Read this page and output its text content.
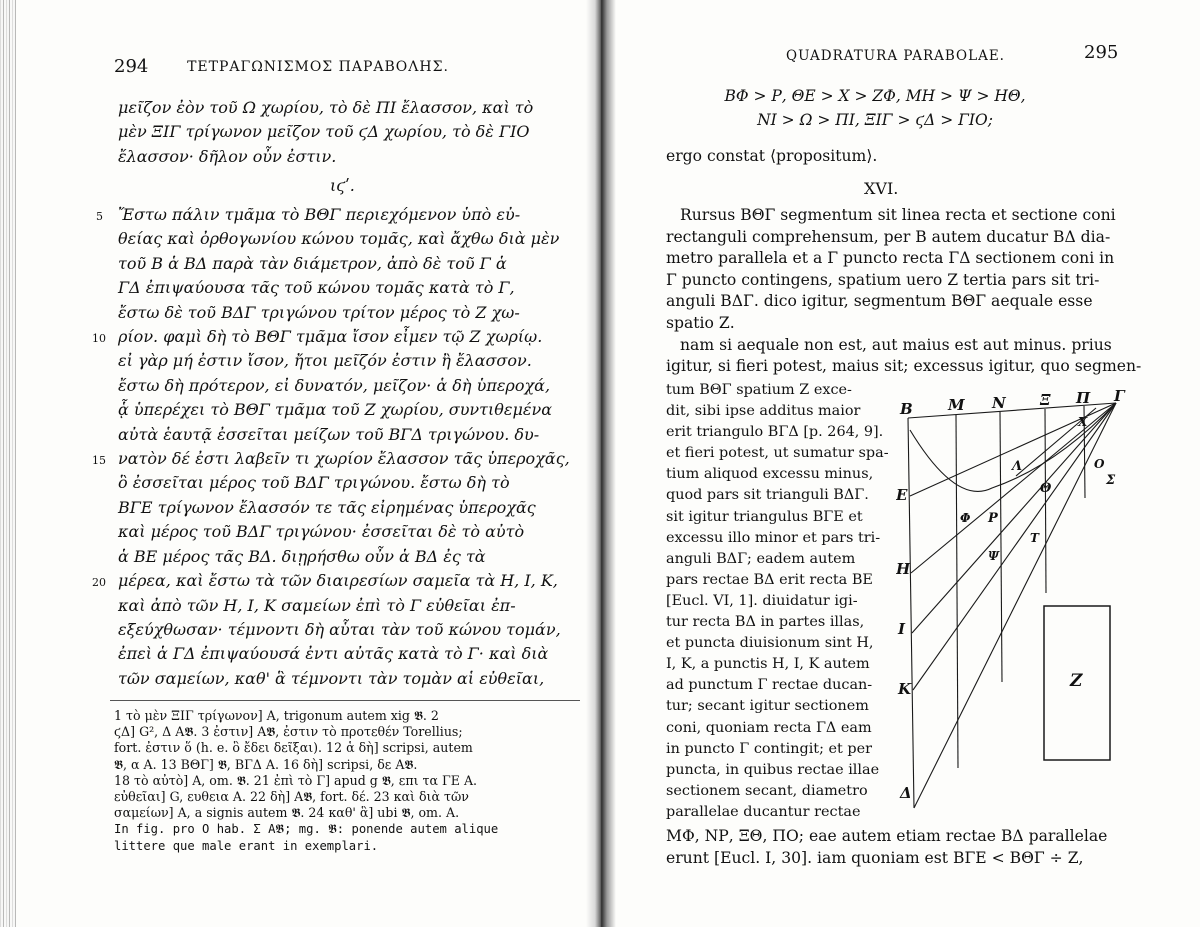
294	ΤΕΤΡΑΓΩΝΙΣΜΟΣ ΠΑΡΑΒΟΛΗΣ.
μεῖζον ἐὸν τοῦ Ω χωρίου, τὸ δὲ ΠΙ ἔλασσον, καὶ τὸ
μὲν ΞΙΓ τρίγωνον μεῖζον τοῦ ϛΔ χωρίου, τὸ δὲ ΓΙΟ
ἔλασσον· δῆλον οὖν ἐστιν.
ιϛʹ.
5
10
15
20
Ἔστω πάλιν τμᾶμα τὸ ΒΘΓ περιεχόμενον ὑπὸ εὐ-
θείας καὶ ὀρθογωνίου κώνου τομᾶς, καὶ ἄχθω διὰ μὲν
τοῦ Β ἁ ΒΔ παρὰ τὰν διάμετρον, ἀπὸ δὲ τοῦ Γ ἁ
ΓΔ ἐπιψαύουσα τᾶς τοῦ κώνου τομᾶς κατὰ τὸ Γ,
ἔστω δὲ τοῦ ΒΔΓ τριγώνου τρίτον μέρος τὸ Ζ χω-
ρίον. φαμὶ δὴ τὸ ΒΘΓ τμᾶμα ἴσον εἶμεν τῷ Ζ χωρίῳ.
εἰ γὰρ μή ἐστιν ἴσον, ἤτοι μεῖζόν ἐστιν ἢ ἔλασσον.
ἔστω δὴ πρότερον, εἰ δυνατόν, μεῖζον· ἁ δὴ ὑπεροχά,
ᾇ ὑπερέχει τὸ ΒΘΓ τμᾶμα τοῦ Ζ χωρίου, συντιθεμένα
αὐτὰ ἑαυτᾷ ἐσσεῖται μείζων τοῦ ΒΓΔ τριγώνου. δυ-
νατὸν δέ ἐστι λαβεῖν τι χωρίον ἔλασσον τᾶς ὑπεροχᾶς,
ὃ ἐσσεῖται μέρος τοῦ ΒΔΓ τριγώνου. ἔστω δὴ τὸ
ΒΓΕ τρίγωνον ἔλασσόν τε τᾶς εἰρημένας ὑπεροχᾶς
καὶ μέρος τοῦ ΒΔΓ τριγώνου· ἐσσεῖται δὲ τὸ αὐτὸ
ἁ ΒΕ μέρος τᾶς ΒΔ. διῃρήσθω οὖν ἁ ΒΔ ἐς τὰ
μέρεα, καὶ ἔστω τὰ τῶν διαιρεσίων σαμεῖα τὰ Η, Ι, Κ,
καὶ ἀπὸ τῶν Η, Ι, Κ σαμείων ἐπὶ τὸ Γ εὐθεῖαι ἐπ-
εξεύχθωσαν· τέμνοντι δὴ αὗται τὰν τοῦ κώνου τομάν,
ἐπεὶ ἁ ΓΔ ἐπιψαύουσά ἐντι αὐτᾶς κατὰ τὸ Γ· καὶ διὰ
τῶν σαμείων, καθ' ἃ τέμνοντι τὰν τομὰν αἱ εὐθεῖαι,
1 τὸ μὲν ΞΙΓ τρίγωνον] A, trigonum autem xig 𝕭. 2
ϛΔ] G², Δ A𝕭. 3 ἐστιν] A𝕭, ἐστιν τὸ προτεθέν Torellius;
fort. ἐστιν ὅ (h. e. ὃ ἔδει δεῖξαι). 12 ἁ δὴ] scripsi, autem
𝕭, α A. 13 ΒΘΓ] 𝕭, ΒΓΔ A. 16 δὴ] scripsi, δε A𝕭.
18 τὸ αὐτὸ] A, om. 𝕭. 21 ἐπὶ τὸ Γ] apud g 𝕭, επι τα ΓΕ A.
εὐθεῖαι] G, ευθεια A. 22 δὴ] A𝕭, fort. δέ. 23 καὶ διὰ τῶν
σαμείων] A, a signis autem 𝕭. 24 καθ' ἃ] ubi 𝕭, om. A.
In fig. pro O hab. Σ A𝕭; mg. 𝕭: ponende autem alique
littere que male erant in exemplari.
QUADRATURA PARABOLAE.	295
ΒΦ > Ρ, ΘΕ > Χ > ΖΦ, ΜΗ > Ψ > ΗΘ,
ΝΙ > Ω > ΠΙ, ΞΙΓ > ϛΔ > ΓΙΟ;
ergo constat ⟨propositum⟩.
XVI.
Rursus ΒΘΓ segmentum sit linea recta et sectione coni
rectanguli comprehensum, per Β autem ducatur ΒΔ dia-
metro parallela et a Γ puncto recta ΓΔ sectionem coni in
Γ puncto contingens, spatium uero Ζ tertia pars sit tri-
anguli ΒΔΓ. dico igitur, segmentum ΒΘΓ aequale esse
spatio Ζ.
nam si aequale non est, aut maius est aut minus. prius
igitur, si fieri potest, maius sit; excessus igitur, quo segmen-
tum ΒΘΓ spatium Ζ exce-
dit, sibi ipse additus maior
erit triangulo ΒΓΔ [p. 264, 9].
et fieri potest, ut sumatur spa-
tium aliquod excessu minus,
quod pars sit trianguli ΒΔΓ.
sit igitur triangulus ΒΓΕ et
excessu illo minor et pars tri-
anguli ΒΔΓ; eadem autem
pars rectae ΒΔ erit recta ΒΕ
[Eucl. VI, 1]. diuidatur igi-
tur recta ΒΔ in partes illas,
et puncta diuisionum sint Η,
Ι, Κ, a punctis Η, Ι, Κ autem
ad punctum Γ rectae ducan-
tur; secant igitur sectionem
coni, quoniam recta ΓΔ eam
in puncto Γ contingit; et per
puncta, in quibus rectae illae
sectionem secant, diametro
parallelae ducantur rectae
ΜΦ, ΝΡ, ΞΘ, ΠΟ; eae autem etiam rectae ΒΔ parallelae
erunt [Eucl. I, 30]. iam quoniam est ΒΓΕ < ΒΘΓ ÷ Ζ,
Β Μ Ν Ξ Π Γ
Χ
Ο
Σ
Λ
Θ
Φ Ρ
Ψ
Τ
Ε
Η
Ι
Κ
Δ
Ζ
